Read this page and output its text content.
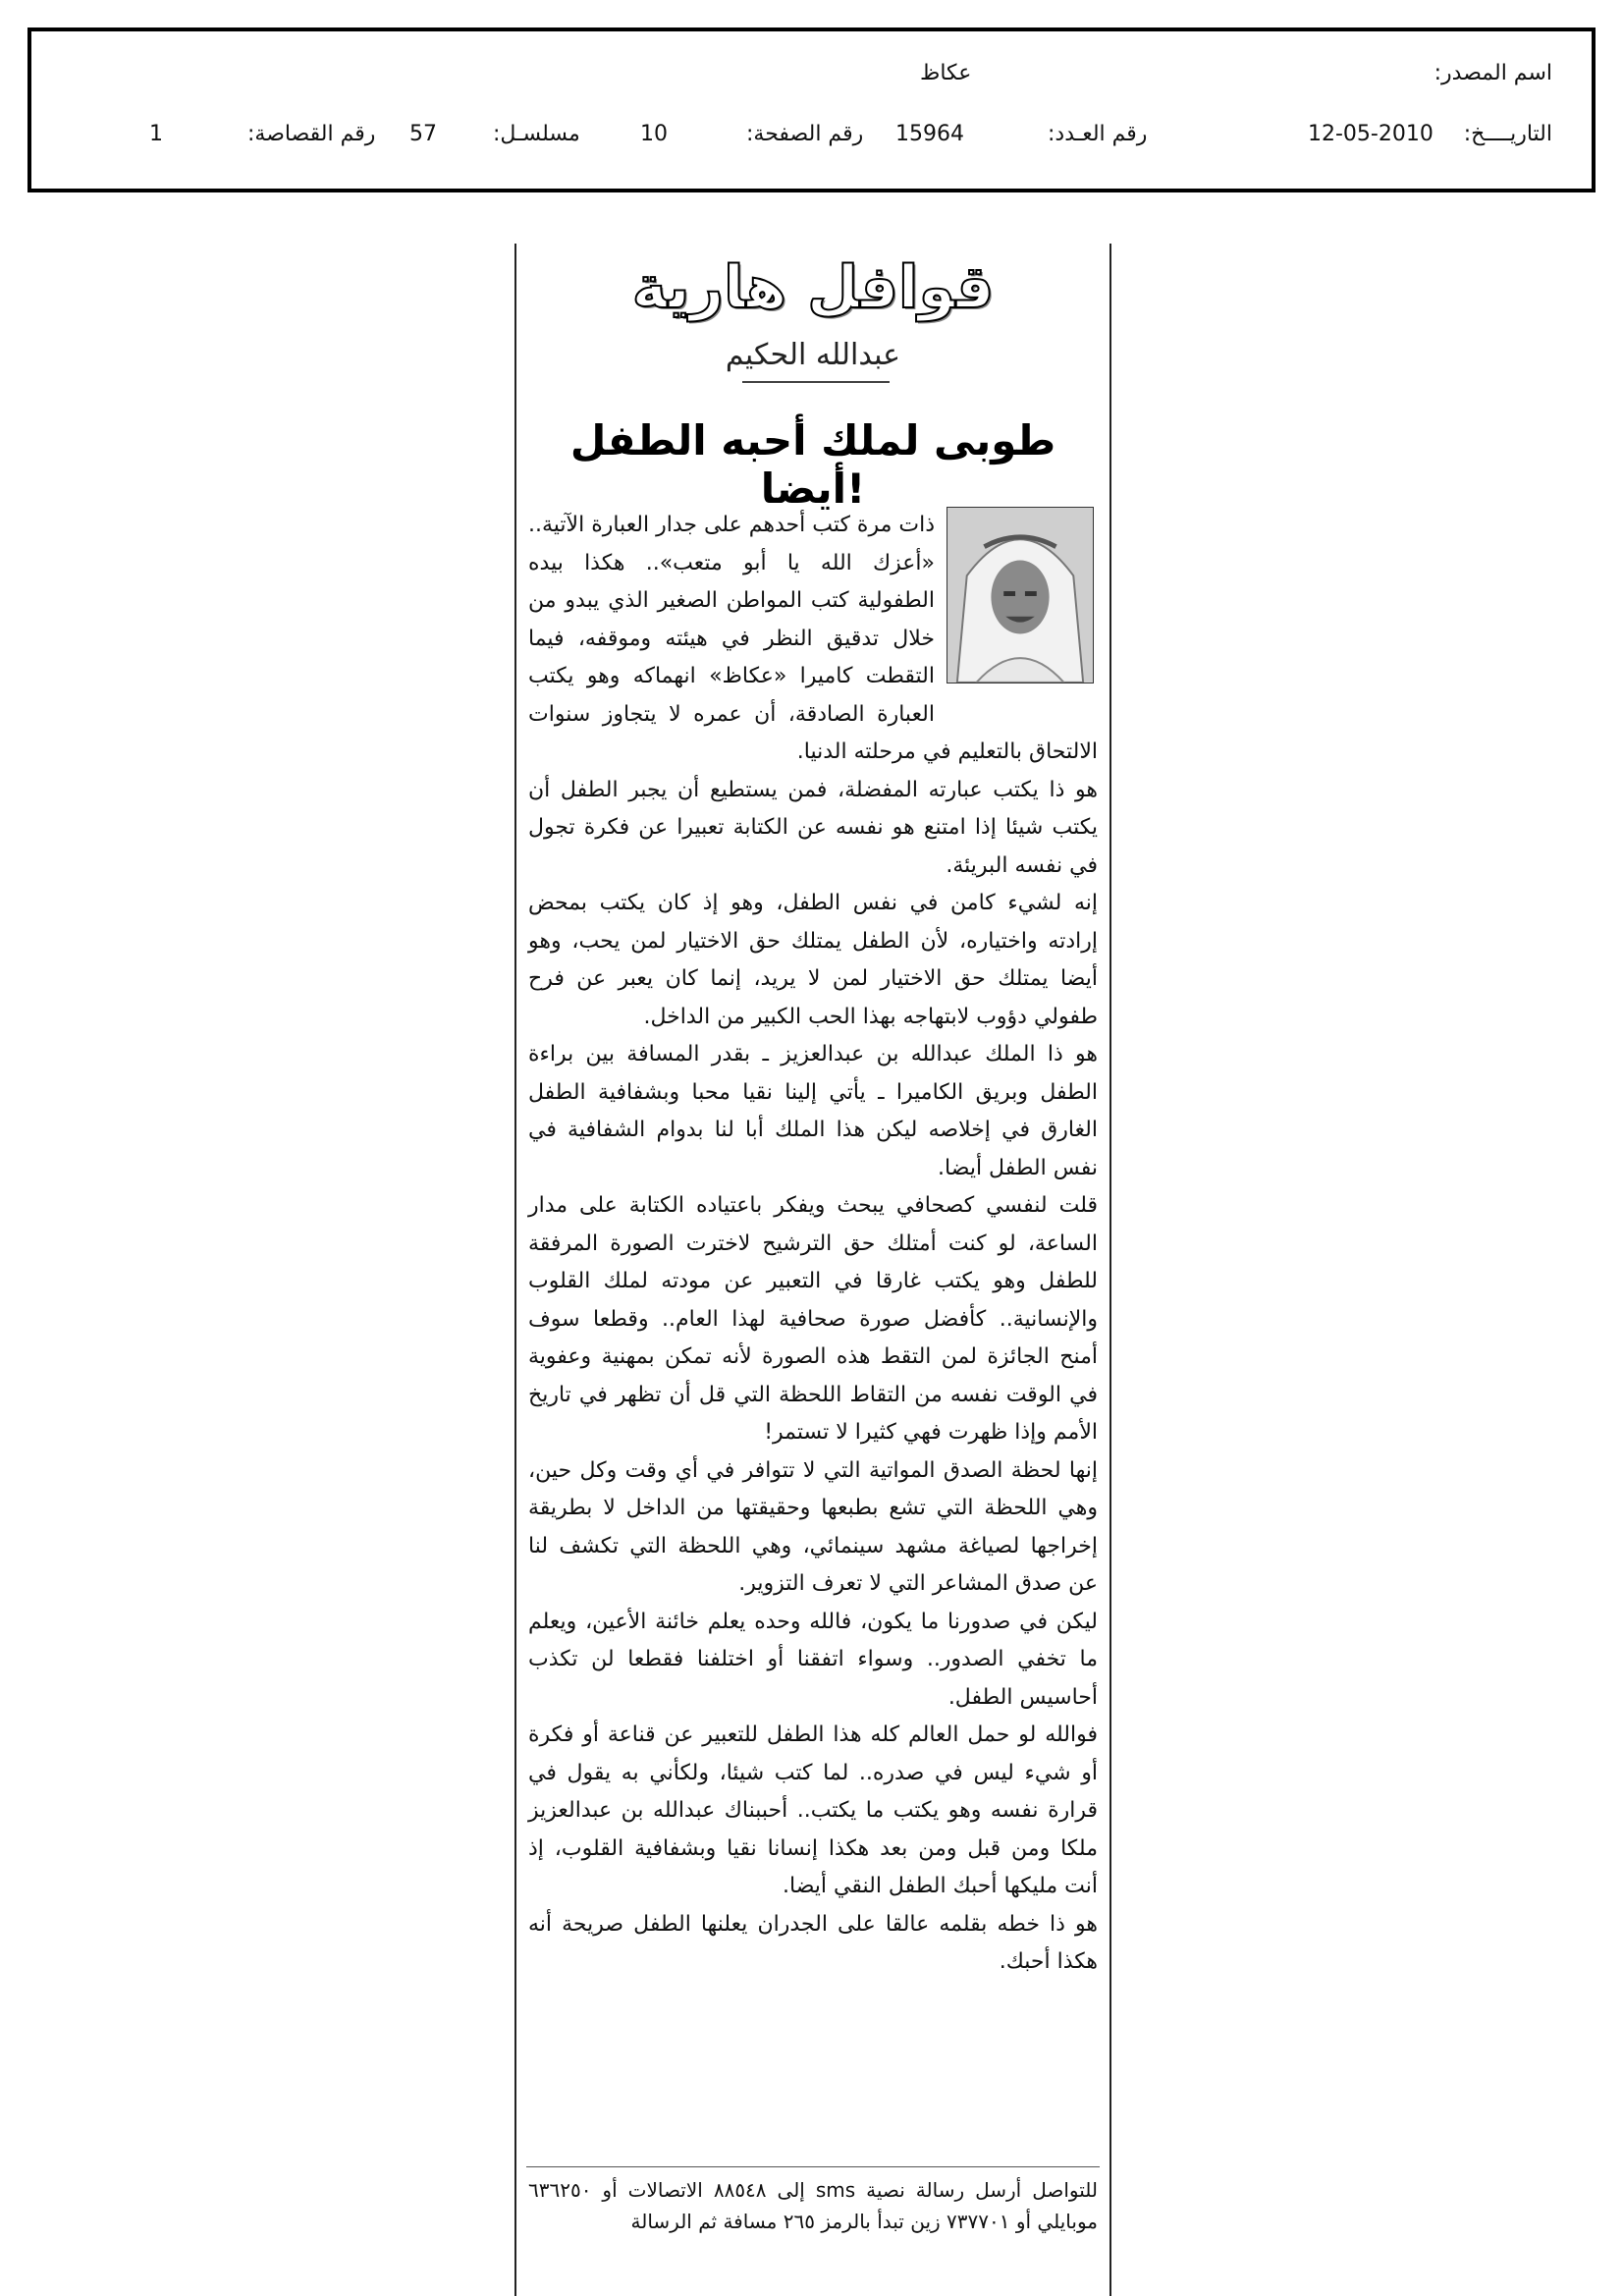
اسم المصدر:
عكاظ
التاريــــخ:
12-05-2010
رقم العـدد:
15964
رقم الصفحة:
10
مسلسـل:
57
رقم القصاصة:
1
قوافل هارية
عبدالله الحكيم
طوبى لملك أحبه الطفل أيضا!

ذات مرة كتب أحدهم على جدار العبارة الآتية.. «أعزك الله يا أبو متعب».. هكذا بيده الطفولية كتب المواطن الصغير الذي يبدو من خلال تدقيق النظر في هيئته وموقفه، فيما التقطت كاميرا «عكاظ» انهماكه وهو يكتب العبارة الصادقة، أن عمره لا يتجاوز سنوات الالتحاق بالتعليم في مرحلته الدنيا.

هو ذا يكتب عبارته المفضلة، فمن يستطيع أن يجبر الطفل أن يكتب شيئا إذا امتنع هو نفسه عن الكتابة تعبيرا عن فكرة تجول في نفسه البريئة.

إنه لشيء كامن في نفس الطفل، وهو إذ كان يكتب بمحض إرادته واختياره، لأن الطفل يمتلك حق الاختيار لمن يحب، وهو أيضا يمتلك حق الاختيار لمن لا يريد، إنما كان يعبر عن فرح طفولي دؤوب لابتهاجه بهذا الحب الكبير من الداخل.

هو ذا الملك عبدالله بن عبدالعزيز ـ بقدر المسافة بين براءة الطفل وبريق الكاميرا ـ يأتي إلينا نقيا محبا وبشفافية الطفل الغارق في إخلاصه ليكن هذا الملك أبا لنا بدوام الشفافية في نفس الطفل أيضا.

قلت لنفسي كصحافي يبحث ويفكر باعتياده الكتابة على مدار الساعة، لو كنت أمتلك حق الترشيح لاخترت الصورة المرفقة للطفل وهو يكتب غارقا في التعبير عن مودته لملك القلوب والإنسانية.. كأفضل صورة صحافية لهذا العام.. وقطعا سوف أمنح الجائزة لمن التقط هذه الصورة لأنه تمكن بمهنية وعفوية في الوقت نفسه من التقاط اللحظة التي قل أن تظهر في تاريخ الأمم وإذا ظهرت فهي كثيرا لا تستمر!

إنها لحظة الصدق المواتية التي لا تتوافر في أي وقت وكل حين، وهي اللحظة التي تشع بطبعها وحقيقتها من الداخل لا بطريقة إخراجها لصياغة مشهد سينمائي، وهي اللحظة التي تكشف لنا عن صدق المشاعر التي لا تعرف التزوير.

ليكن في صدورنا ما يكون، فالله وحده يعلم خائنة الأعين، ويعلم ما تخفي الصدور.. وسواء اتفقنا أو اختلفنا فقطعا لن تكذب أحاسيس الطفل.

فوالله لو حمل العالم كله هذا الطفل للتعبير عن قناعة أو فكرة أو شيء ليس في صدره.. لما كتب شيئا، ولكأني به يقول في قرارة نفسه وهو يكتب ما يكتب.. أحببناك عبدالله بن عبدالعزيز ملكا ومن قبل ومن بعد هكذا إنسانا نقيا وبشفافية القلوب، إذ أنت مليكها أحبك الطفل النقي أيضا.

هو ذا خطه بقلمه عالقا على الجدران يعلنها الطفل صريحة أنه هكذا أحبك.

للتواصل أرسل رسالة نصية sms إلى ٨٨٥٤٨ الاتصالات أو ٦٣٦٢٥٠ موبايلي أو ٧٣٧٧٠١ زين تبدأ بالرمز ٢٦٥ مسافة ثم الرسالة
